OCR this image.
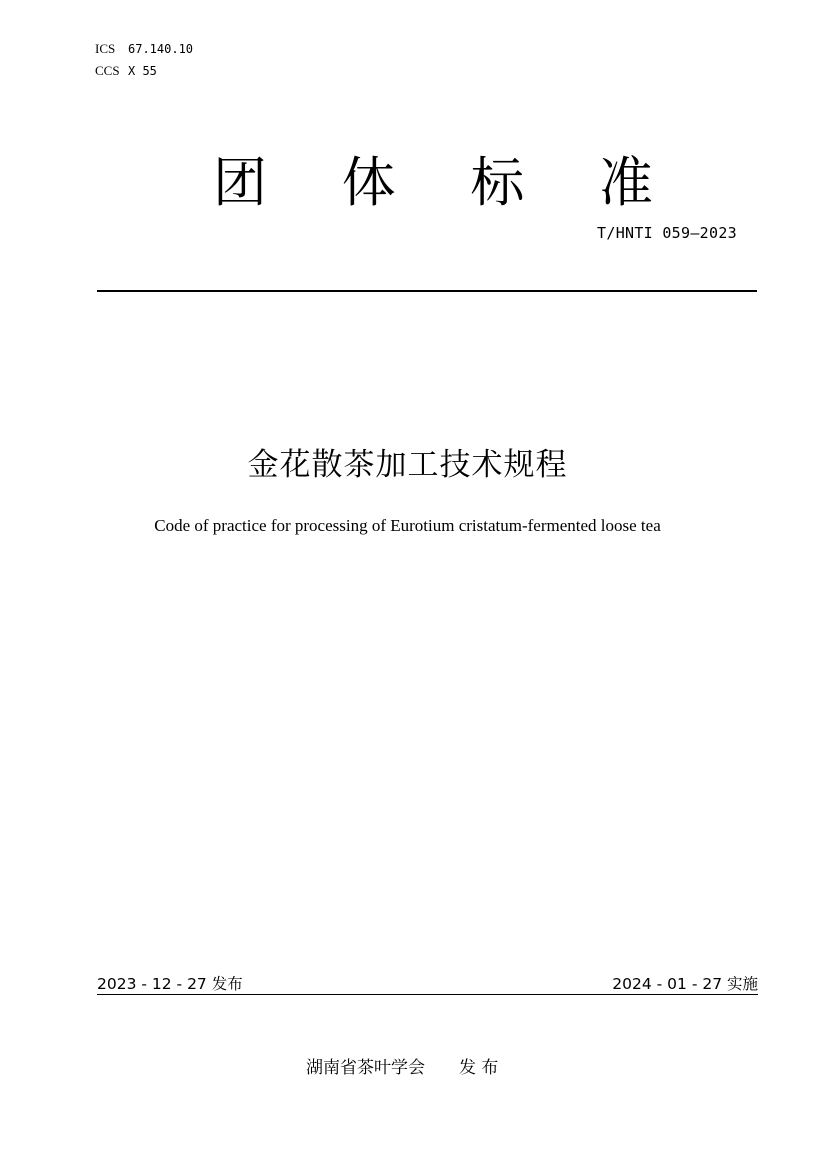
ICS 67.140.10
CCS X 55
团 体 标 准
T/HNTI 059—2023
金花散茶加工技术规程
Code of practice for processing of Eurotium cristatum-fermented loose tea
2023 - 12 - 27 发布	2024 - 01 - 27 实施
湖南省茶叶学会 发 布
